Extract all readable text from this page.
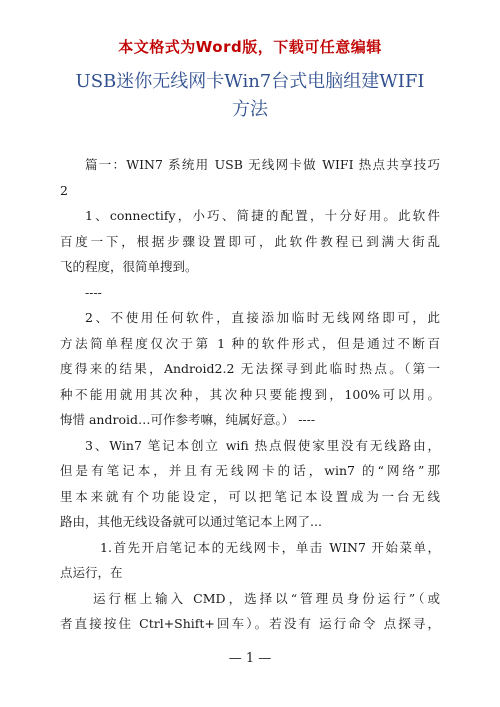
本文格式为Word版，下载可任意编辑
USB迷你无线网卡Win7台式电脑组建WIFI
方法
篇一：WIN7 系统用 USB 无线网卡做 WIFI 热点共享技巧
2
1、connectify，小巧、简捷的配置，十分好用。此软件
百度一下，根据步骤设置即可，此软件教程已到满大街乱
飞的程度，很简单搜到。
----
2、不使用任何软件，直接添加临时无线网络即可，此
方法简单程度仅次于第 1 种的软件形式，但是通过不断百
度得来的结果，Android2.2 无法探寻到此临时热点。（第一
种不能用就用其次种，其次种只要能搜到，100%可以用。
悔惜 android…可作参考嘛，纯属好意。） ----
3、Win7 笔记本创立 wifi 热点假使家里没有无线路由，
但是有笔记本，并且有无线网卡的话，win7 的“网络”那
里本来就有个功能设定，可以把笔记本设置成为一台无线
路由，其他无线设备就可以通过笔记本上网了...
1.首先开启笔记本的无线网卡，单击 WIN7 开始菜单，
点运行，在
运行框上输入 CMD，选择以“管理员身份运行”（或
者直接按住 Ctrl+Shift+回车）。若没有 运行命令 点探寻，
— 1 —
